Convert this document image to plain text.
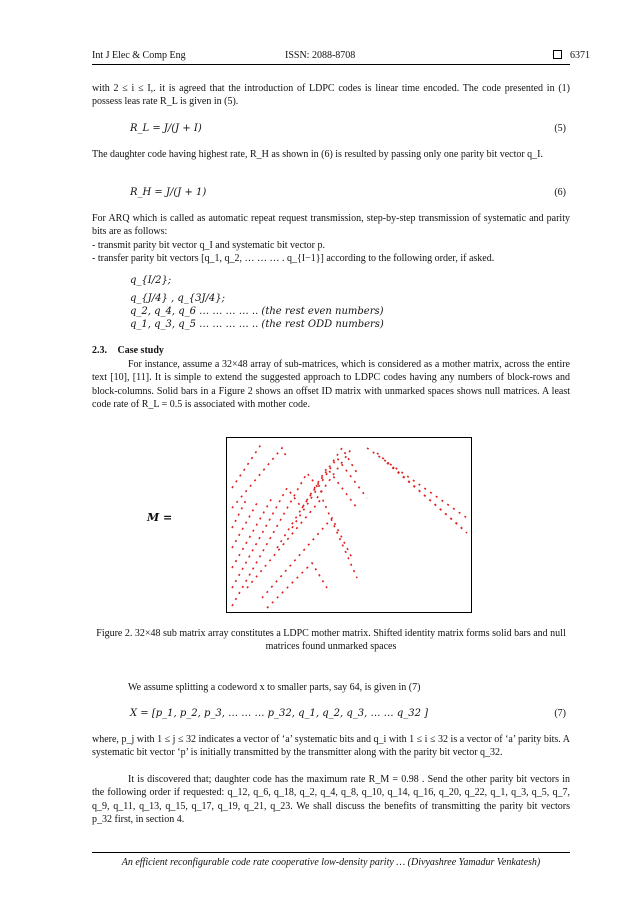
Int J Elec & Comp Eng	ISSN: 2088-8708	6371
with 2 ≤ i ≤ I,. it is agreed that the introduction of LDPC codes is linear time encoded. The code presented in (1) possess leas rate R_L is given in (5).
R_L = J/(J + I)	(5)
The daughter code having highest rate, R_H as shown in (6) is resulted by passing only one parity bit vector q_I.
R_H = J/(J + 1)	(6)
For ARQ which is called as automatic repeat request transmission, step-by-step transmission of systematic and parity bits are as follows:
- transmit parity bit vector q_I and systematic bit vector p.
- transfer parity bit vectors [q_1, q_2, … … … . q_{I−1}] according to the following order, if asked.
q_{I/2};
q_{J/4} , q_{3J/4};
q_2, q_4, q_6 … … … … .. (the rest even numbers)
q_1, q_3, q_5 … … … … .. (the rest ODD numbers)
2.3. Case study
For instance, assume a 32×48 array of sub-matrices, which is considered as a mother matrix, across the entire text [10], [11]. It is simple to extend the suggested approach to LDPC codes having any numbers of block-rows and block-columns. Solid bars in a Figure 2 shows an offset ID matrix with unmarked spaces shows null matrices. A least code rate of R_L = 0.5 is associated with mother code.
M =
Figure 2. 32×48 sub matrix array constitutes a LDPC mother matrix. Shifted identity matrix forms solid bars and null matrices found unmarked spaces
We assume splitting a codeword x to smaller parts, say 64, is given in (7)
X = [p_1, p_2, p_3, … … … p_32, q_1, q_2, q_3, … … q_32 ]	(7)
where, p_j with 1 ≤ j ≤ 32 indicates a vector of ‘a’ systematic bits and q_i with 1 ≤ i ≤ 32 is a vector of ‘a’ parity bits. A systematic bit vector ‘p’ is initially transmitted by the transmitter along with the parity bit vector q_32.
It is discovered that; daughter code has the maximum rate R_M = 0.98 . Send the other parity bit vectors in the following order if requested: q_12, q_6, q_18, q_2, q_4, q_8, q_10, q_14, q_16, q_20, q_22, q_1, q_3, q_5, q_7, q_9, q_11, q_13, q_15, q_17, q_19, q_21, q_23. We shall discuss the benefits of transmitting the parity bit vectors p_32 first, in section 4.
An efficient reconfigurable code rate cooperative low-density parity … (Divyashree Yamadur Venkatesh)
